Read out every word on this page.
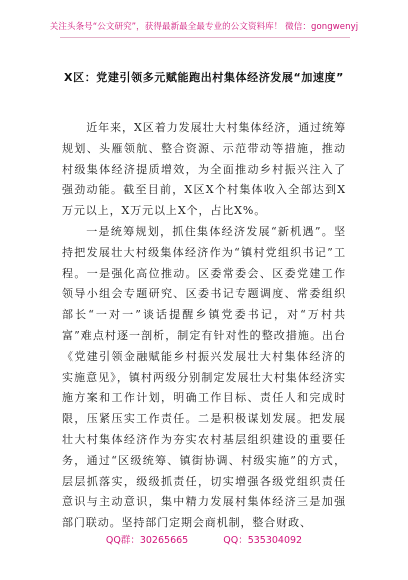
关注头条号“公文研究”，获得最新最全最专业的公文资料库！ 微信：gongwenyj
X区：党建引领多元赋能跑出村集体经济发展“加速度”

近年来，X区着力发展壮大村集体经济，通过统筹规划、头雁领航、整合资源、示范带动等措施，推动村级集体经济提质增效，为全面推动乡村振兴注入了强劲动能。截至目前，X区X个村集体收入全部达到X万元以上，X万元以上X个，占比X%。

一是统筹规划，抓住集体经济发展“新机遇”。坚持把发展壮大村级集体经济作为“镇村党组织书记”工程。一是强化高位推动。区委常委会、区委党建工作领导小组会专题研究、区委书记专题调度、常委组织部长“一对一”谈话提醒乡镇党委书记，对“万村共富”难点村逐一剖析，制定有针对性的整改措施。出台《党建引领金融赋能乡村振兴发展壮大村集体经济的实施意见》，镇村两级分别制定发展壮大村集体经济实施方案和工作计划，明确工作目标、责任人和完成时限，压紧压实工作责任。二是积极谋划发展。把发展壮大村集体经济作为夯实农村基层组织建设的重要任务，通过“区级统筹、镇街协调、村级实施”的方式，层层抓落实，级级抓责任，切实增强各级党组织责任意识与主动意识，集中精力发展村集体经济三是加强部门联动。坚持部门定期会商机制，整合财政、

QQ群：30265665	QQ：535304092
